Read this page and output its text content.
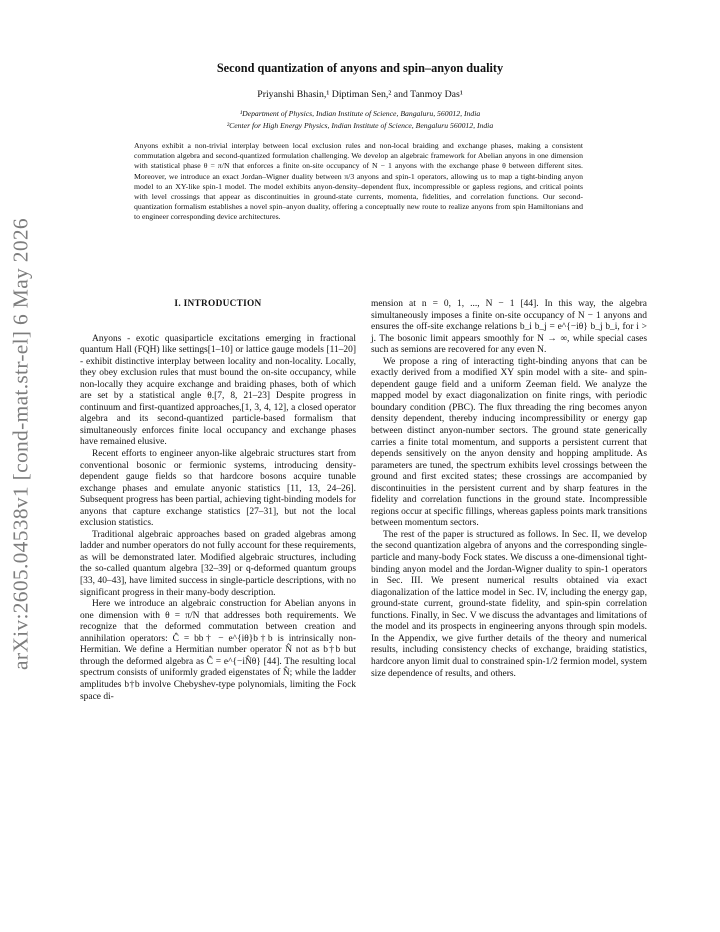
arXiv:2605.04538v1 [cond-mat.str-el] 6 May 2026
Second quantization of anyons and spin–anyon duality
Priyanshi Bhasin,¹ Diptiman Sen,² and Tanmoy Das¹
¹Department of Physics, Indian Institute of Science, Bangaluru, 560012, India
²Center for High Energy Physics, Indian Institute of Science, Bengaluru 560012, India

Anyons exhibit a non-trivial interplay between local exclusion rules and non-local braiding and exchange phases, making a consistent commutation algebra and second-quantized formulation challenging. We develop an algebraic framework for Abelian anyons in one dimension with statistical phase θ = π/N that enforces a finite on-site occupancy of N − 1 anyons with the exchange phase θ between different sites. Moreover, we introduce an exact Jordan–Wigner duality between π/3 anyons and spin-1 operators, allowing us to map a tight-binding anyon model to an XY-like spin-1 model. The model exhibits anyon-density–dependent flux, incompressible or gapless regions, and critical points with level crossings that appear as discontinuities in ground-state currents, momenta, fidelities, and correlation functions. Our second-quantization formalism establishes a novel spin–anyon duality, offering a conceptually new route to realize anyons from spin Hamiltonians and to engineer corresponding device architectures.

I. INTRODUCTION

Anyons - exotic quasiparticle excitations emerging in fractional quantum Hall (FQH) like settings[1–10] or lattice gauge models [11–20] - exhibit distinctive interplay between locality and non-locality. Locally, they obey exclusion rules that must bound the on-site occupancy, while non-locally they acquire exchange and braiding phases, both of which are set by a statistical angle θ.[7, 8, 21–23] Despite progress in continuum and first-quantized approaches,[1, 3, 4, 12], a closed operator algebra and its second-quantized particle-based formalism that simultaneously enforces finite local occupancy and exchange phases have remained elusive.

Recent efforts to engineer anyon-like algebraic structures start from conventional bosonic or fermionic systems, introducing density-dependent gauge fields so that hardcore bosons acquire tunable exchange phases and emulate anyonic statistics [11, 13, 24–26]. Subsequent progress has been partial, achieving tight-binding models for anyons that capture exchange statistics [27–31], but not the local exclusion statistics.

Traditional algebraic approaches based on graded algebras among ladder and number operators do not fully account for these requirements, as will be demonstrated later. Modified algebraic structures, including the so-called quantum algebra [32–39] or q-deformed quantum groups [33, 40–43], have limited success in single-particle descriptions, with no significant progress in their many-body description.

Here we introduce an algebraic construction for Abelian anyons in one dimension with θ = π/N that addresses both requirements. We recognize that the deformed commutation between creation and annihilation operators: Ĉ = bb† − e^{iθ}b†b is intrinsically non-Hermitian. We define a Hermitian number operator N̂ not as b†b but through the deformed algebra as Ĉ = e^{−iN̂θ} [44]. The resulting local spectrum consists of uniformly graded eigenstates of N̂; while the ladder amplitudes b†b involve Chebyshev-type polynomials, limiting the Fock space di-

mension at n = 0, 1, ..., N − 1 [44]. In this way, the algebra simultaneously imposes a finite on-site occupancy of N − 1 anyons and ensures the off-site exchange relations b_i b_j = e^{−iθ} b_j b_i, for i > j. The bosonic limit appears smoothly for N → ∞, while special cases such as semions are recovered for any even N.

We propose a ring of interacting tight-binding anyons that can be exactly derived from a modified XY spin model with a site- and spin-dependent gauge field and a uniform Zeeman field. We analyze the mapped model by exact diagonalization on finite rings, with periodic boundary condition (PBC). The flux threading the ring becomes anyon density dependent, thereby inducing incompressibility or energy gap between distinct anyon-number sectors. The ground state generically carries a finite total momentum, and supports a persistent current that depends sensitively on the anyon density and hopping amplitude. As parameters are tuned, the spectrum exhibits level crossings between the ground and first excited states; these crossings are accompanied by discontinuities in the persistent current and by sharp features in the fidelity and correlation functions in the ground state. Incompressible regions occur at specific fillings, whereas gapless points mark transitions between momentum sectors.

The rest of the paper is structured as follows. In Sec. II, we develop the second quantization algebra of anyons and the corresponding single-particle and many-body Fock states. We discuss a one-dimensional tight-binding anyon model and the Jordan-Wigner duality to spin-1 operators in Sec. III. We present numerical results obtained via exact diagonalization of the lattice model in Sec. IV, including the energy gap, ground-state current, ground-state fidelity, and spin-spin correlation functions. Finally, in Sec. V we discuss the advantages and limitations of the model and its prospects in engineering anyons through spin models. In the Appendix, we give further details of the theory and numerical results, including consistency checks of exchange, braiding statistics, hardcore anyon limit dual to constrained spin-1/2 fermion model, system size dependence of results, and others.
